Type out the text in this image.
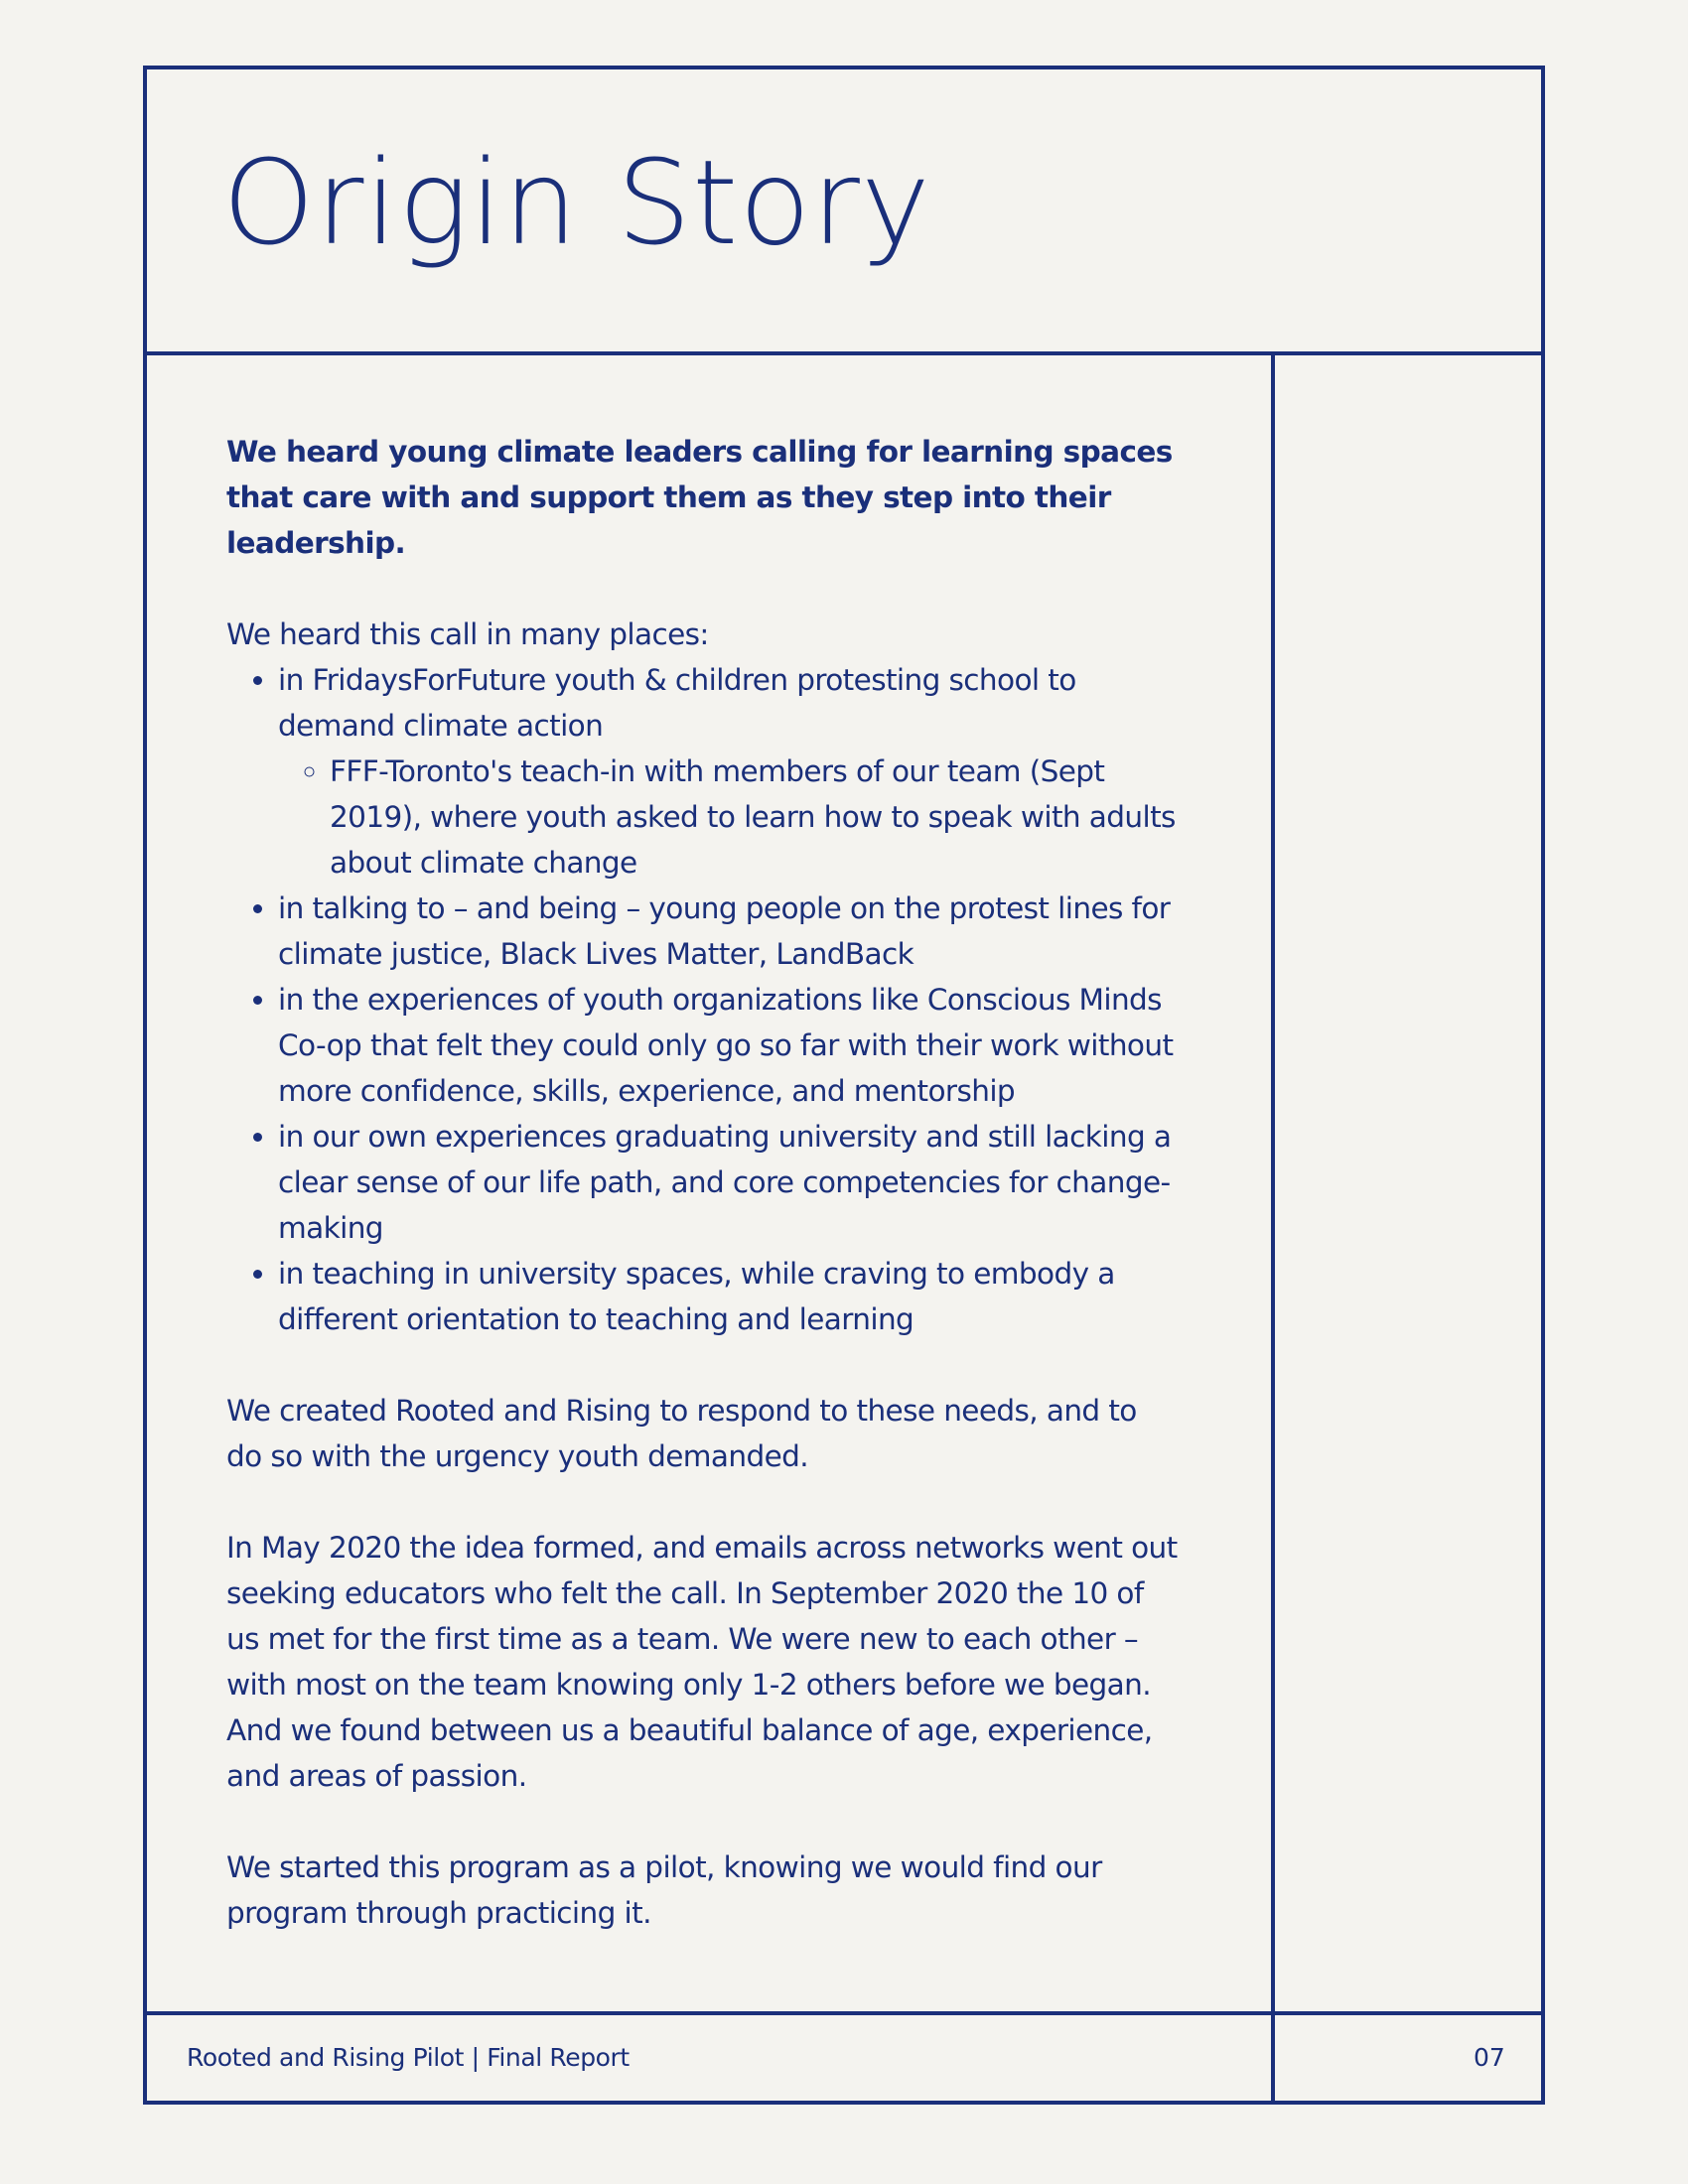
Origin Story

We heard young climate leaders calling for learning spaces that care with and support them as they step into their leadership.

We heard this call in many places:

• in FridaysForFuture youth & children protesting school to demand climate action
◦ FFF-Toronto's teach-in with members of our team (Sept 2019), where youth asked to learn how to speak with adults about climate change
• in talking to – and being – young people on the protest lines for climate justice, Black Lives Matter, LandBack
• in the experiences of youth organizations like Conscious Minds Co-op that felt they could only go so far with their work without more confidence, skills, experience, and mentorship
• in our own experiences graduating university and still lacking a clear sense of our life path, and core competencies for change-making
• in teaching in university spaces, while craving to embody a different orientation to teaching and learning

We created Rooted and Rising to respond to these needs, and to do so with the urgency youth demanded.

In May 2020 the idea formed, and emails across networks went out seeking educators who felt the call. In September 2020 the 10 of us met for the first time as a team. We were new to each other – with most on the team knowing only 1-2 others before we began. And we found between us a beautiful balance of age, experience, and areas of passion.

We started this program as a pilot, knowing we would find our program through practicing it.

Rooted and Rising Pilot | Final Report	07
